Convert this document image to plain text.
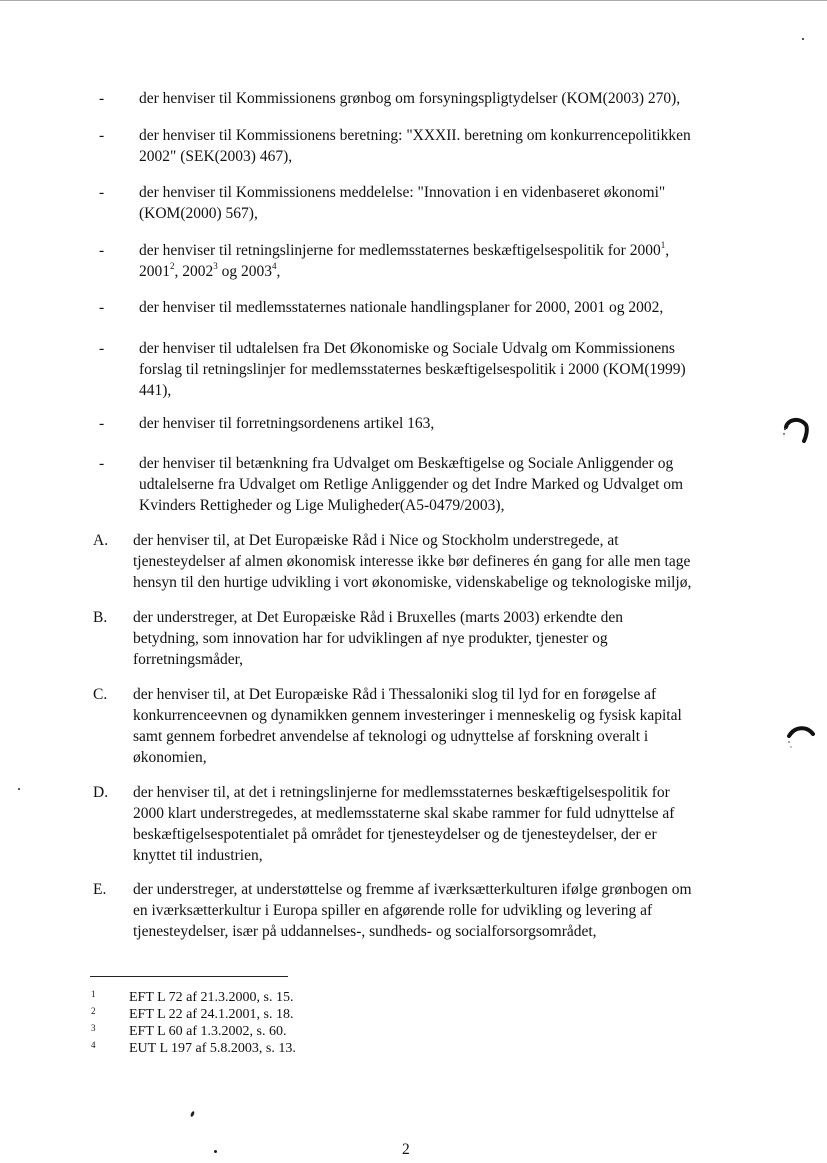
-	der henviser til Kommissionens grønbog om forsyningspligtydelser (KOM(2003) 270),
-	der henviser til Kommissionens beretning: "XXXII. beretning om konkurrencepolitikken
2002" (SEK(2003) 467),
-	der henviser til Kommissionens meddelelse: "Innovation i en videnbaseret økonomi"
(KOM(2000) 567),
-	der henviser til retningslinjerne for medlemsstaternes beskæftigelsespolitik for 2000$^1$,
2001$^2$, 2002$^3$ og 2003$^4$,
-	der henviser til medlemsstaternes nationale handlingsplaner for 2000, 2001 og 2002,
-	der henviser til udtalelsen fra Det Økonomiske og Sociale Udvalg om Kommissionens
forslag til retningslinjer for medlemsstaternes beskæftigelsespolitik i 2000 (KOM(1999)
441),
-	der henviser til forretningsordenens artikel 163,
-	der henviser til betænkning fra Udvalget om Beskæftigelse og Sociale Anliggender og
udtalelserne fra Udvalget om Retlige Anliggender og det Indre Marked og Udvalget om
Kvinders Rettigheder og Lige Muligheder(A5-0479/2003),
A.	der henviser til, at Det Europæiske Råd i Nice og Stockholm understregede, at
tjenesteydelser af almen økonomisk interesse ikke bør defineres én gang for alle men tage
hensyn til den hurtige udvikling i vort økonomiske, videnskabelige og teknologiske miljø,
B.	der understreger, at Det Europæiske Råd i Bruxelles (marts 2003) erkendte den
betydning, som innovation har for udviklingen af nye produkter, tjenester og
forretningsmåder,
C.	der henviser til, at Det Europæiske Råd i Thessaloniki slog til lyd for en forøgelse af
konkurrenceevnen og dynamikken gennem investeringer i menneskelig og fysisk kapital
samt gennem forbedret anvendelse af teknologi og udnyttelse af forskning overalt i
økonomien,
D.	der henviser til, at det i retningslinjerne for medlemsstaternes beskæftigelsespolitik for
2000 klart understregedes, at medlemsstaterne skal skabe rammer for fuld udnyttelse af
beskæftigelsespotentialet på området for tjenesteydelser og de tjenesteydelser, der er
knyttet til industrien,
E.	der understreger, at understøttelse og fremme af iværksætterkulturen ifølge grønbogen om
en iværksætterkultur i Europa spiller en afgørende rolle for udvikling og levering af
tjenesteydelser, især på uddannelses-, sundheds- og socialforsorgsområdet,
1 EFT L 72 af 21.3.2000, s. 15.
2 EFT L 22 af 24.1.2001, s. 18.
3 EFT L 60 af 1.3.2002, s. 60.
4 EUT L 197 af 5.8.2003, s. 13.
2
